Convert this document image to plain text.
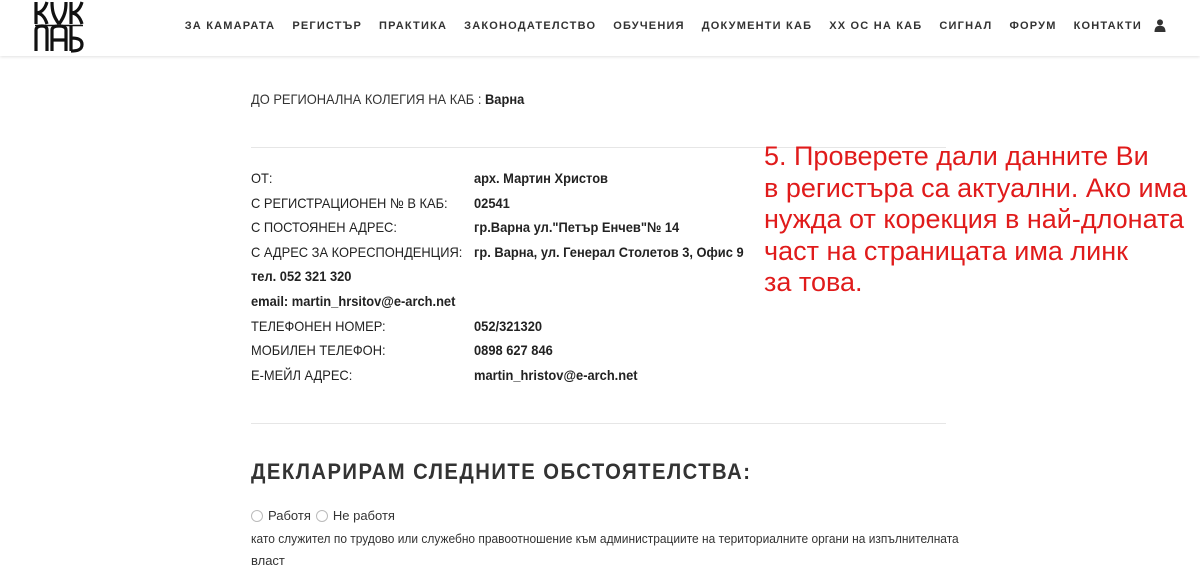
ЗА КАМАРАТА РЕГИСТЪР ПРАКТИКА ЗАКОНОДАТЕЛСТВО ОБУЧЕНИЯ ДОКУМЕНТИ КАБ XX ОС НА КАБ СИГНАЛ ФОРУМ КОНТАКТИ
ДО РЕГИОНАЛНА КОЛЕГИЯ НА КАБ : Варна
ОТ:	арх. Мартин Христов
С РЕГИСТРАЦИОНЕН № В КАБ: 02541
С ПОСТОЯНЕН АДРЕС:	гр.Варна ул."Петър Енчев"№ 14
С АДРЕС ЗА КОРЕСПОНДЕНЦИЯ: гр. Варна, ул. Генерал Столетов 3, Офис 9
тел. 052 321 320
email: martin_hrsitov@e-arch.net
ТЕЛЕФОНЕН НОМЕР:	052/321320
МОБИЛЕН ТЕЛЕФОН:	0898 627 846
Е-МЕЙЛ АДРЕС:	martin_hristov@e-arch.net
5. Проверете дали данните Ви
в регистъра са актуални. Ако има
нужда от корекция в най-длоната
част на страницата има линк
за това.
ДЕКЛАРИРАМ СЛЕДНИТЕ ОБСТОЯТЕЛСТВА:
Работя Не работя
като служител по трудово или служебно правоотношение към администрациите на териториалните органи на изпълнителната
власт
